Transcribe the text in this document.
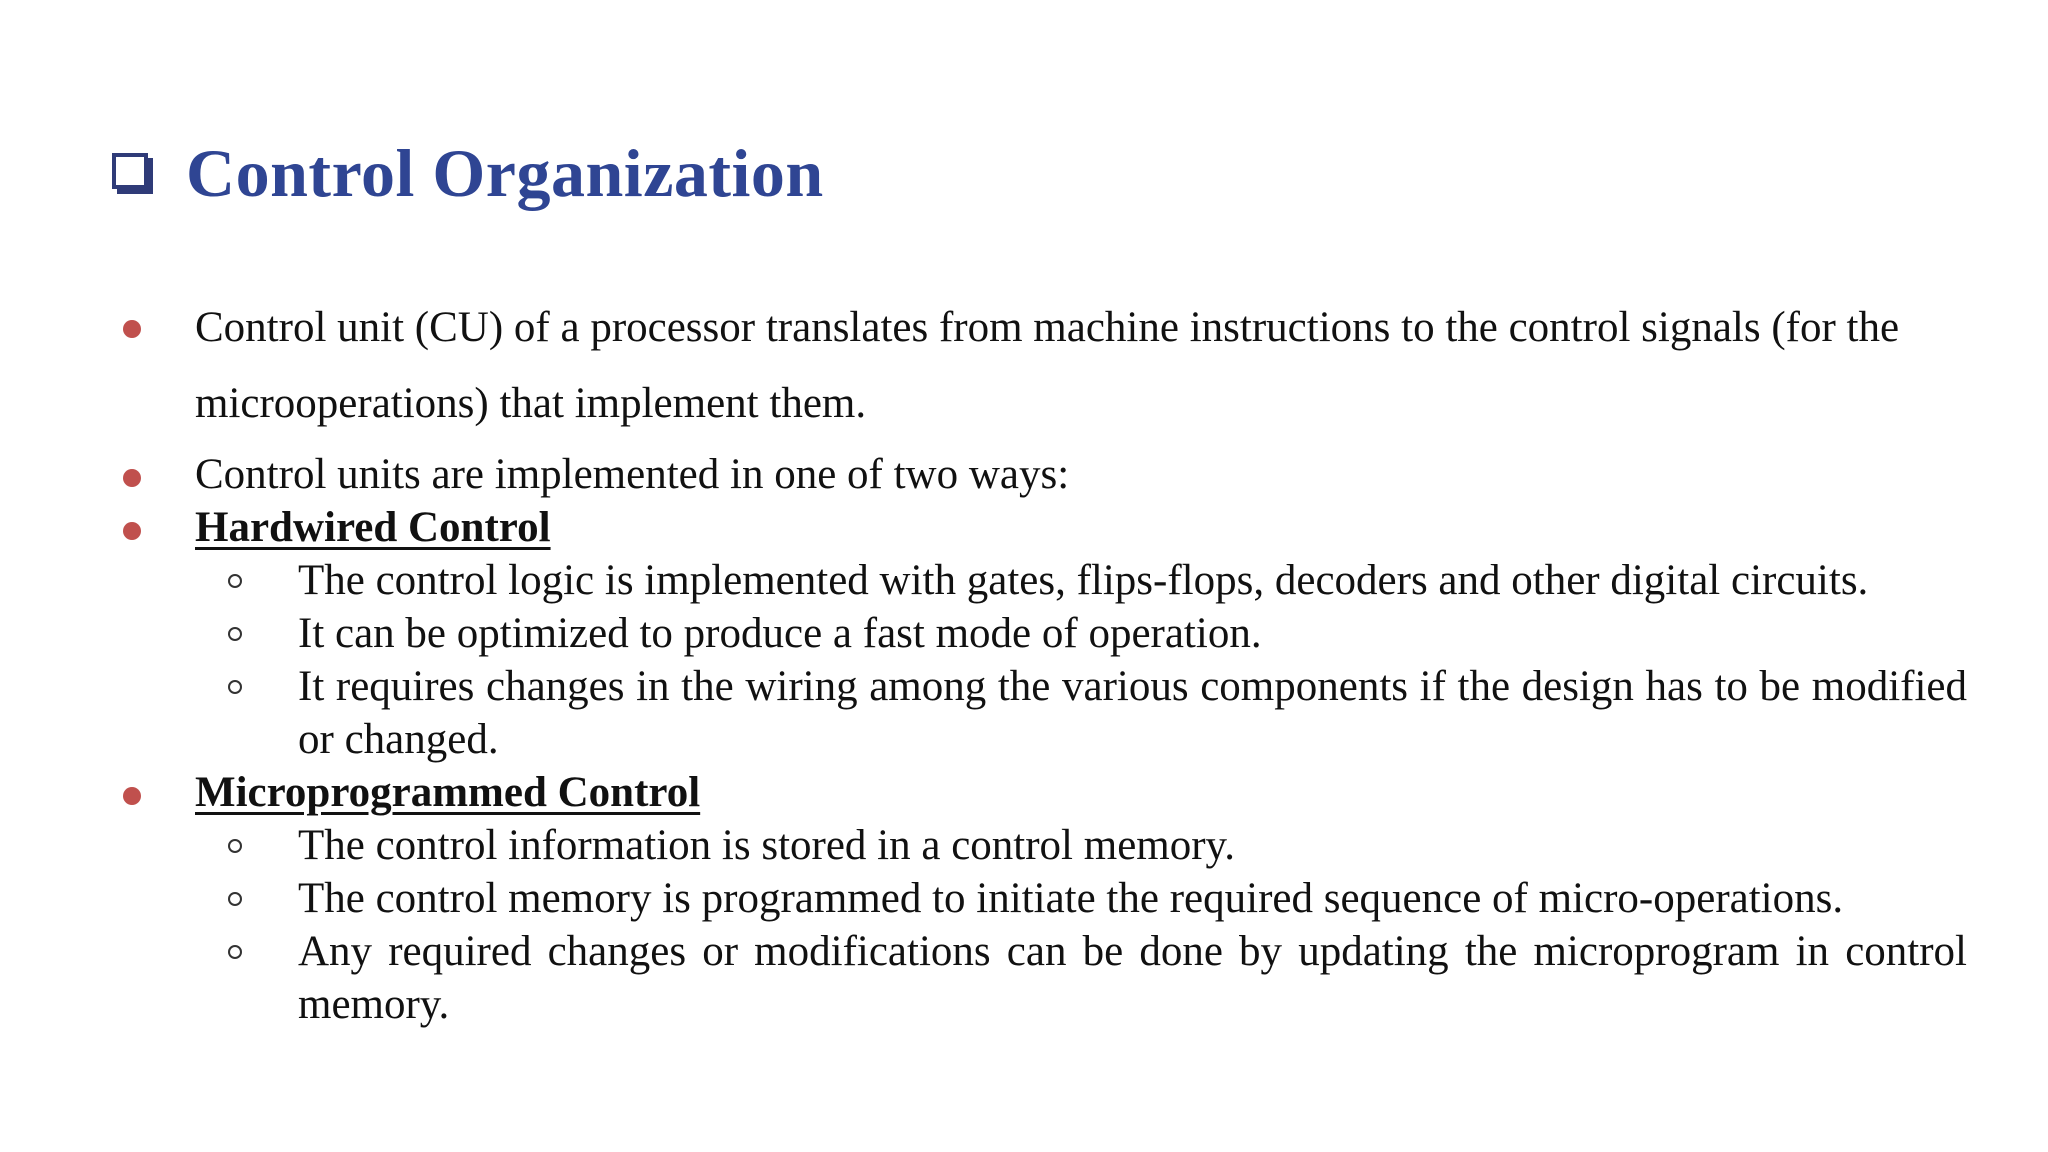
Control Organization
Control unit (CU) of a processor translates from machine instructions to the control signals (for the microoperations) that implement them.
Control units are implemented in one of two ways:
Hardwired Control
The control logic is implemented with gates, flips-flops, decoders and other digital circuits.
It can be optimized to produce a fast mode of operation.
It requires changes in the wiring among the various components if the design has to be modified or changed.
Microprogrammed Control
The control information is stored in a control memory.
The control memory is programmed to initiate the required sequence of micro-operations.
Any required changes or modifications can be done by updating the microprogram in control memory.
